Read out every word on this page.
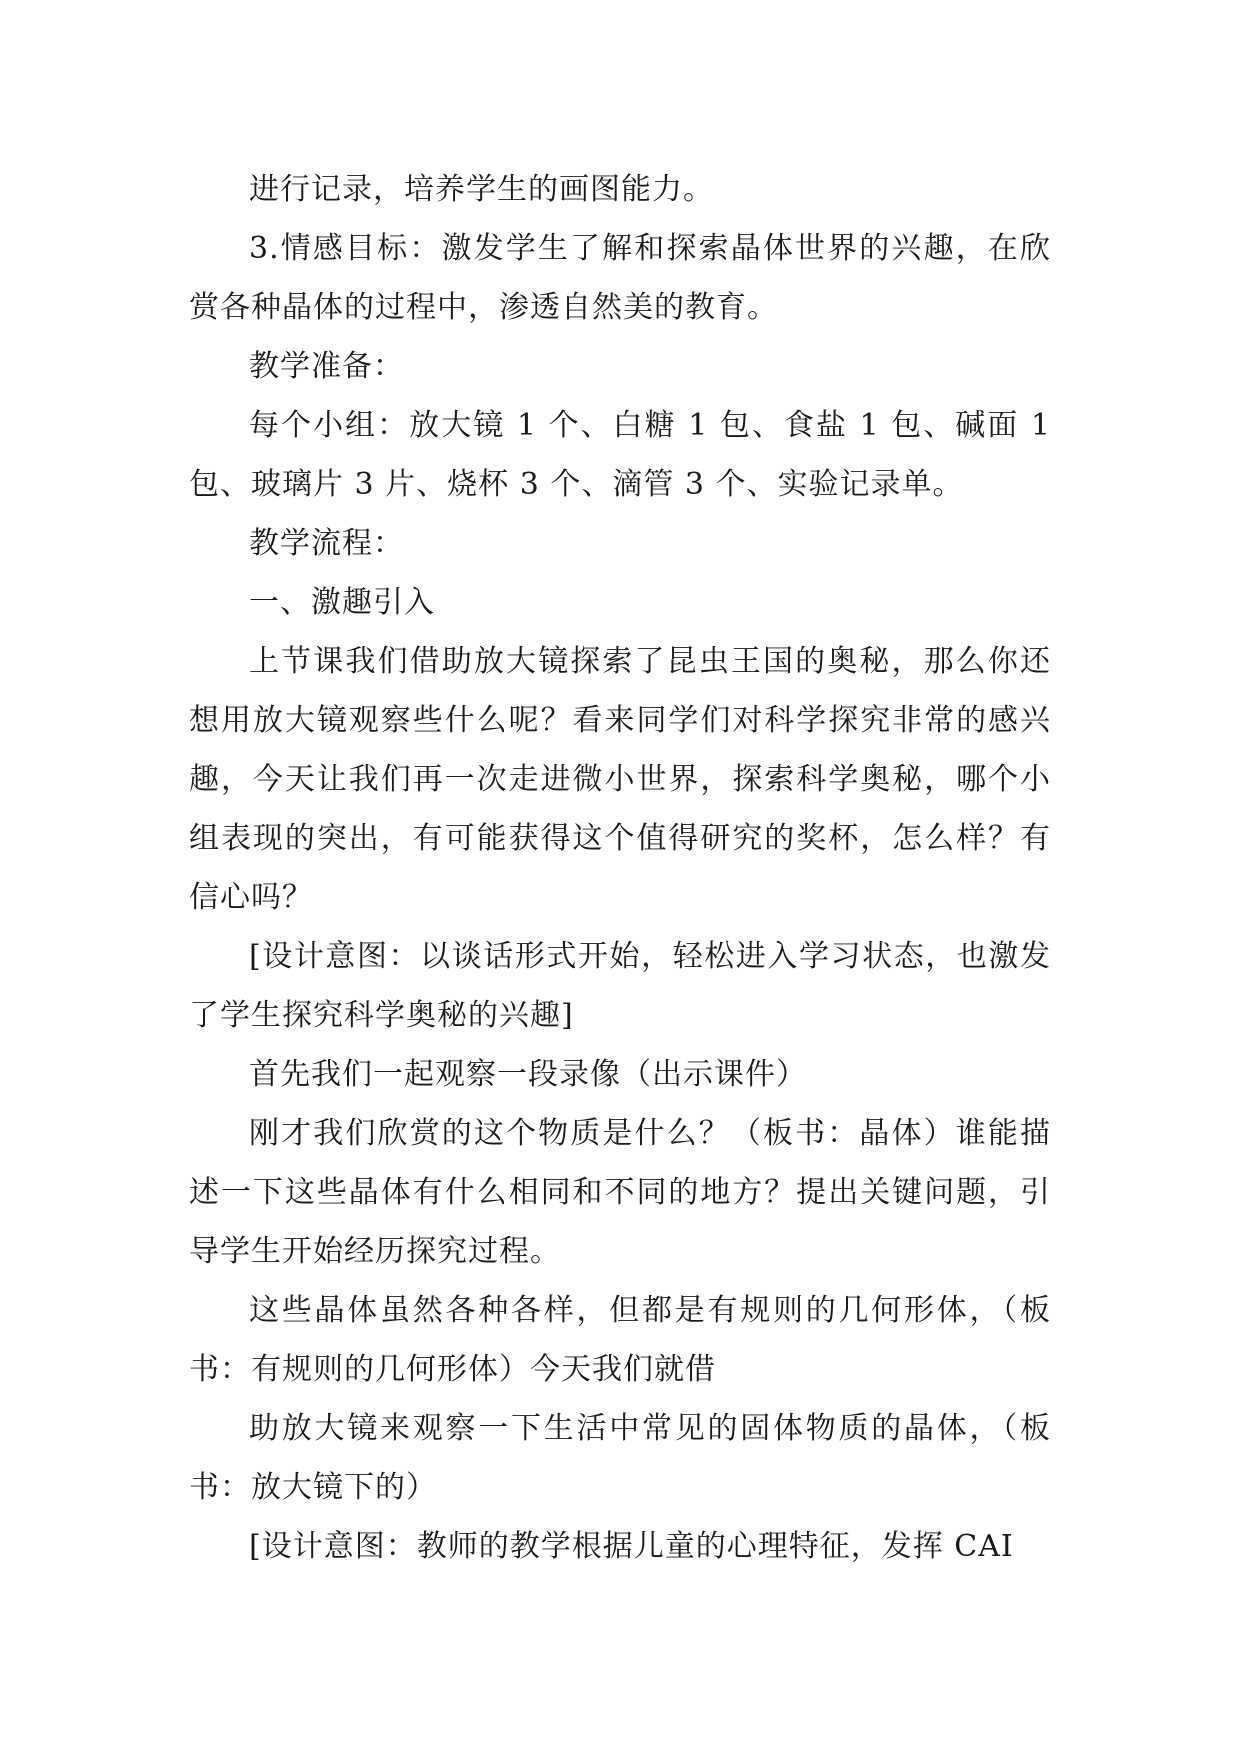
进行记录，培养学生的画图能力。

3.情感目标：激发学生了解和探索晶体世界的兴趣，在欣赏各种晶体的过程中，渗透自然美的教育。

教学准备：

每个小组：放大镜 1 个、白糖 1 包、食盐 1 包、碱面 1 包、玻璃片 3 片、烧杯 3 个、滴管 3 个、实验记录单。

教学流程：

一、激趣引入

上节课我们借助放大镜探索了昆虫王国的奥秘，那么你还想用放大镜观察些什么呢？看来同学们对科学探究非常的感兴趣，今天让我们再一次走进微小世界，探索科学奥秘，哪个小组表现的突出，有可能获得这个值得研究的奖杯，怎么样？有信心吗？

[设计意图：以谈话形式开始，轻松进入学习状态，也激发了学生探究科学奥秘的兴趣]

首先我们一起观察一段录像（出示课件）

刚才我们欣赏的这个物质是什么？（板书：晶体）谁能描述一下这些晶体有什么相同和不同的地方？提出关键问题，引导学生开始经历探究过程。

这些晶体虽然各种各样，但都是有规则的几何形体，（板书：有规则的几何形体）今天我们就借

助放大镜来观察一下生活中常见的固体物质的晶体，（板书：放大镜下的）

[设计意图：教师的教学根据儿童的心理特征，发挥 CAI
